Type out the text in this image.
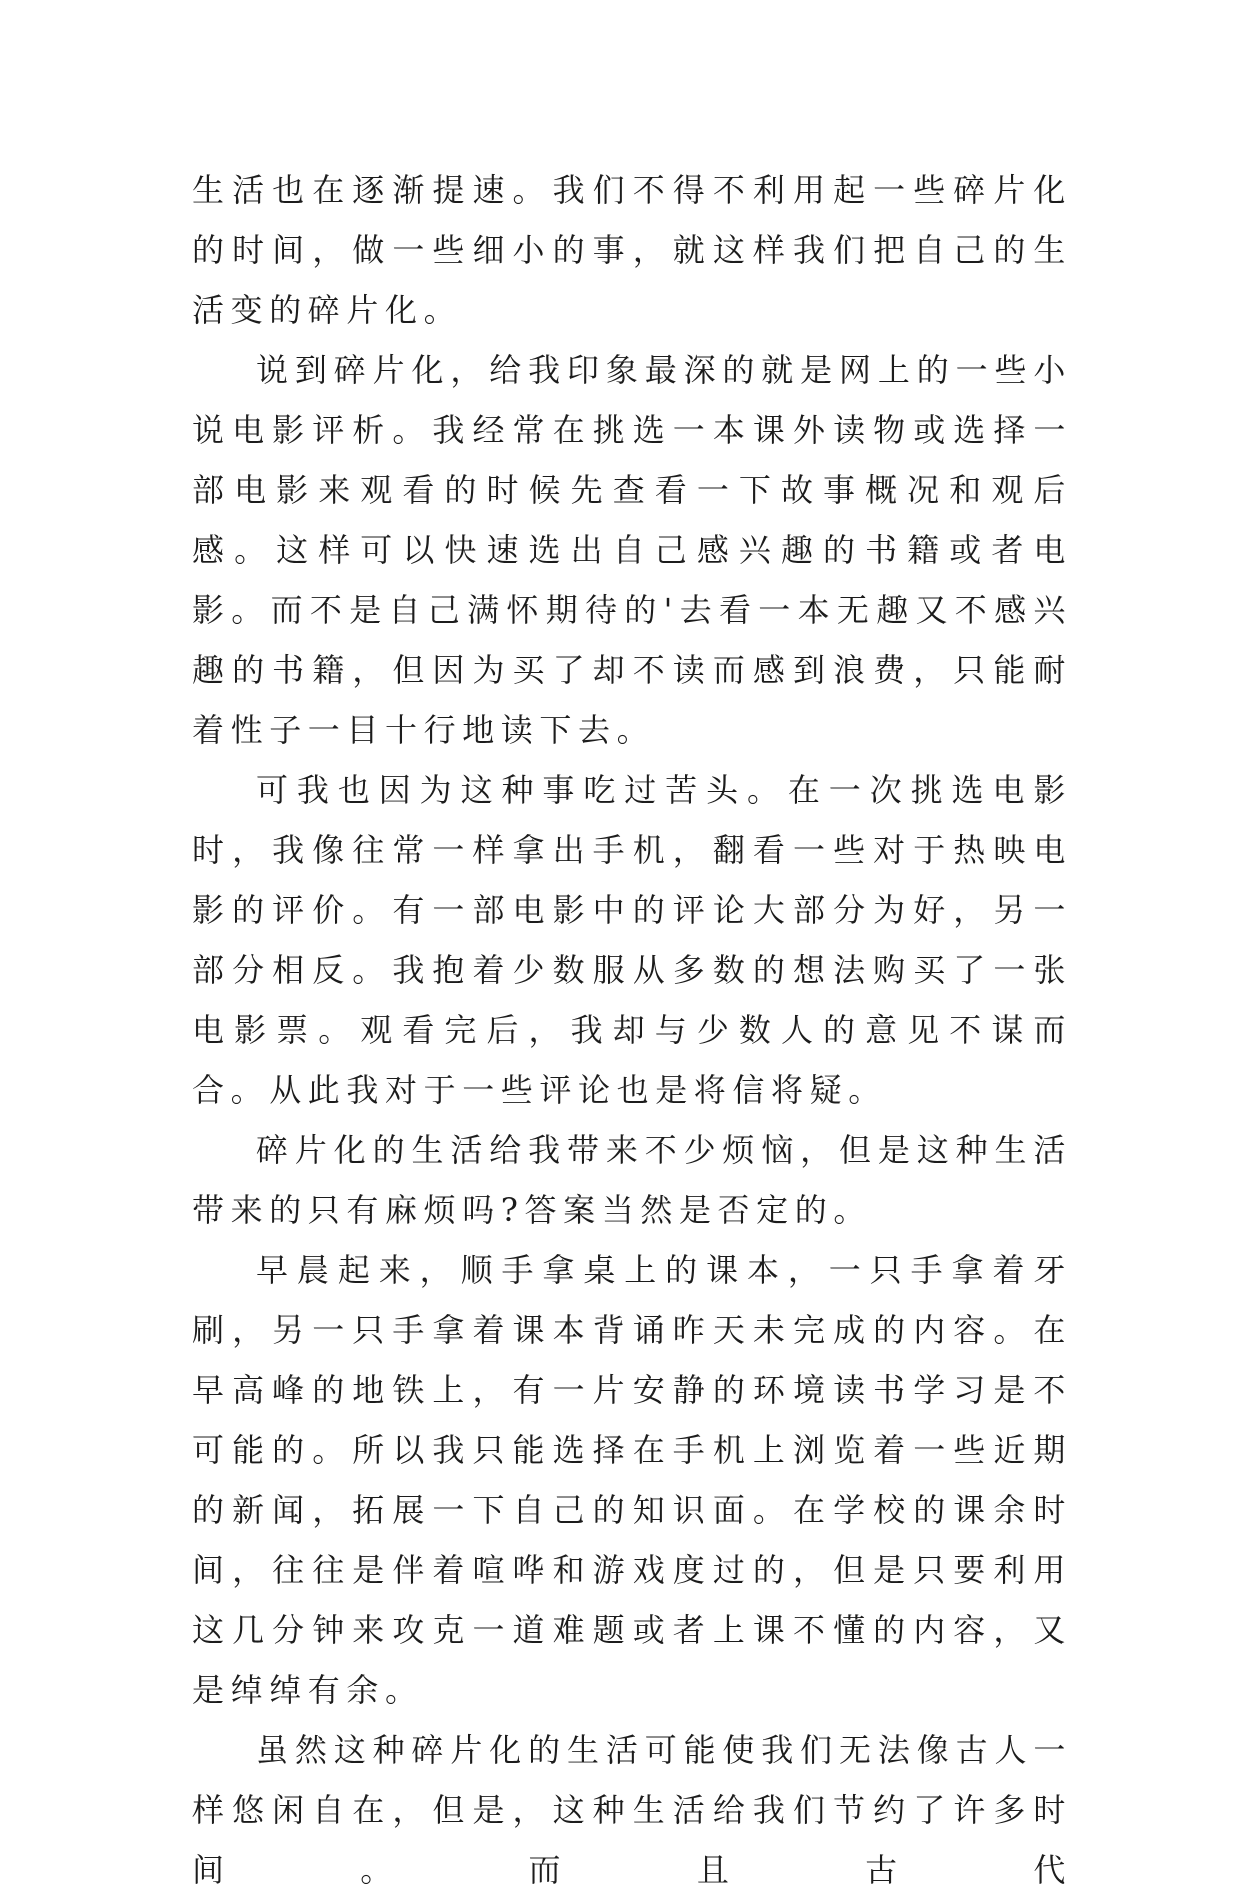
生活也在逐渐提速。我们不得不利用起一些碎片化的时间，做一些细小的事，就这样我们把自己的生活变的碎片化。

说到碎片化，给我印象最深的就是网上的一些小说电影评析。我经常在挑选一本课外读物或选择一部电影来观看的时候先查看一下故事概况和观后感。这样可以快速选出自己感兴趣的书籍或者电影。而不是自己满怀期待的'去看一本无趣又不感兴趣的书籍，但因为买了却不读而感到浪费，只能耐着性子一目十行地读下去。

可我也因为这种事吃过苦头。在一次挑选电影时，我像往常一样拿出手机，翻看一些对于热映电影的评价。有一部电影中的评论大部分为好，另一部分相反。我抱着少数服从多数的想法购买了一张电影票。观看完后，我却与少数人的意见不谋而合。从此我对于一些评论也是将信将疑。

碎片化的生活给我带来不少烦恼，但是这种生活带来的只有麻烦吗?答案当然是否定的。

早晨起来，顺手拿桌上的课本，一只手拿着牙刷，另一只手拿着课本背诵昨天未完成的内容。在早高峰的地铁上，有一片安静的环境读书学习是不可能的。所以我只能选择在手机上浏览着一些近期的新闻，拓展一下自己的知识面。在学校的课余时间，往往是伴着喧哗和游戏度过的，但是只要利用这几分钟来攻克一道难题或者上课不懂的内容，又是绰绰有余。

虽然这种碎片化的生活可能使我们无法像古人一样悠闲自在，但是，这种生活给我们节约了许多时间。而且古代
